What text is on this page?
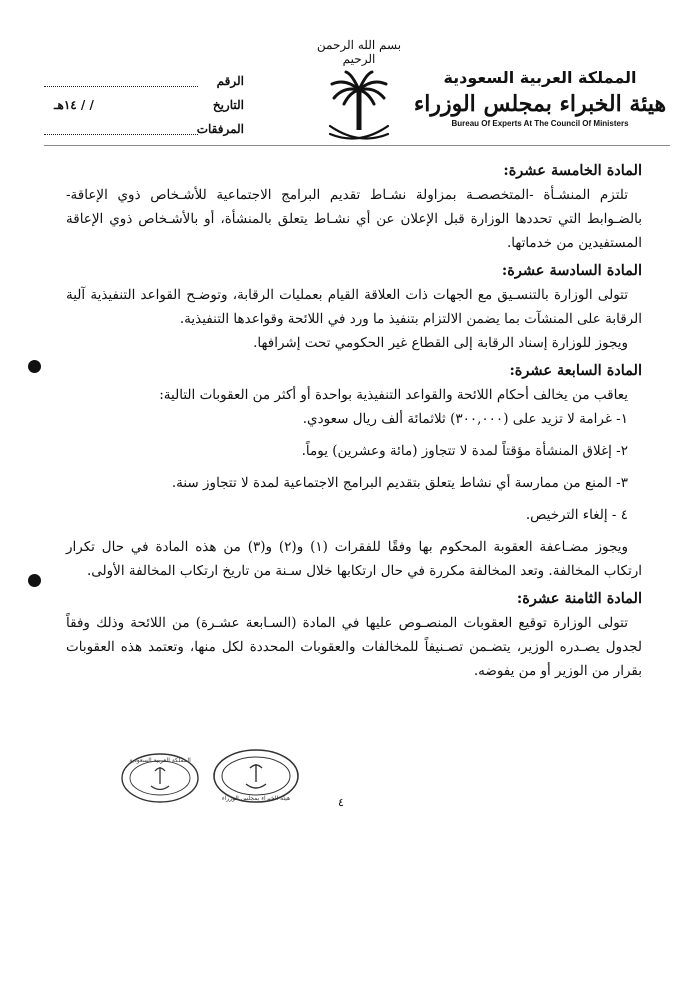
المملكة العربية السعودية
هيئة الخبراء بمجلس الوزراء
Bureau Of Experts At The Council Of Ministers
بسم الله الرحمن الرحيم
الرقم
التاريخ
/ / ١٤هـ
المرفقات
المادة الخامسة عشرة:

تلتزم المنشـأة -المتخصصـة بمزاولة نشـاط تقديم البرامج الاجتماعية للأشـخاص ذوي الإعاقة- بالضـوابط التي تحددها الوزارة قبل الإعلان عن أي نشـاط يتعلق بالمنشأة، أو بالأشـخاص ذوي الإعاقة المستفيدين من خدماتها.

المادة السادسة عشرة:

تتولى الوزارة بالتنسـيق مع الجهات ذات العلاقة القيام بعمليات الرقابة، وتوضـح القواعد التنفيذية آلية الرقابة على المنشآت بما يضمن الالتزام بتنفيذ ما ورد في اللائحة وقواعدها التنفيذية.

ويجوز للوزارة إسناد الرقابة إلى القطاع غير الحكومي تحت إشرافها.

المادة السابعة عشرة:

يعاقب من يخالف أحكام اللائحة والقواعد التنفيذية بواحدة أو أكثر من العقوبات التالية:

١- غرامة لا تزيد على (٣٠٠,٠٠٠) ثلاثمائة ألف ريال سعودي.
٢- إغلاق المنشأة مؤقتاً لمدة لا تتجاوز (مائة وعشرين) يوماً.
٣- المنع من ممارسة أي نشاط يتعلق بتقديم البرامج الاجتماعية لمدة لا تتجاوز سنة.
٤ - إلغاء الترخيص.

ويجوز مضـاعفة العقوبة المحكوم بها وفقًا للفقرات (١) و(٢) و(٣) من هذه المادة في حال تكرار ارتكاب المخالفة. وتعد المخالفة مكررة في حال ارتكابها خلال سـنة من تاريخ ارتكاب المخالفة الأولى.

المادة الثامنة عشرة:

تتولى الوزارة توقيع العقوبات المنصـوص عليها في المادة (السـابعة عشـرة) من اللائحة وذلك وفقاً لجدول يصـدره الوزير، يتضـمن تصـنيفاً للمخالفات والعقوبات المحددة لكل منها، وتعتمد هذه العقوبات بقرار من الوزير أو من يفوضه.

هيئة الخبراء بمجلس الوزراء
المملكة العربية السعودية
٤
